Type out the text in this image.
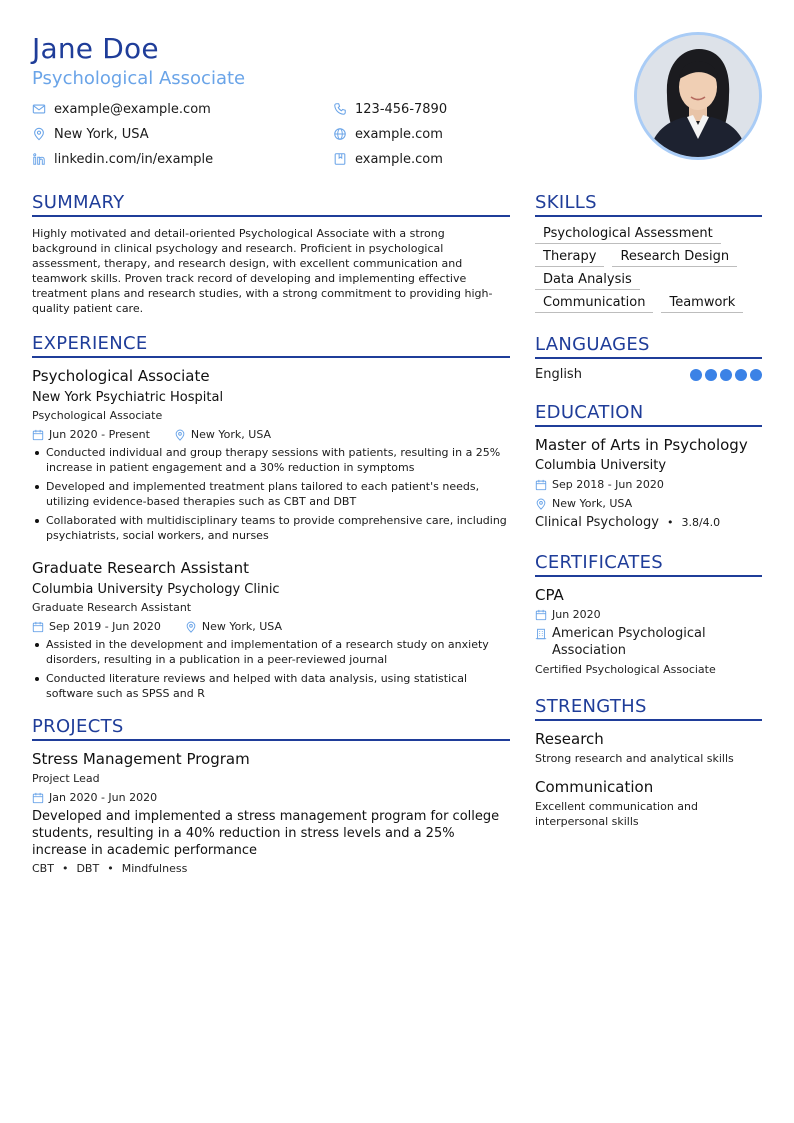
Jane Doe
Psychological Associate
example@example.com	123-456-7890
New York, USA	example.com
linkedin.com/in/example	example.com
SUMMARY
Highly motivated and detail-oriented Psychological Associate with a strong background in clinical psychology and research. Proficient in psychological assessment, therapy, and research design, with excellent communication and teamwork skills. Proven track record of developing and implementing effective treatment plans and research studies, with a strong commitment to providing high-quality patient care.
EXPERIENCE
Psychological Associate
New York Psychiatric Hospital
Psychological Associate
Jun 2020 - Present	New York, USA
Conducted individual and group therapy sessions with patients, resulting in a 25% increase in patient engagement and a 30% reduction in symptoms
Developed and implemented treatment plans tailored to each patient's needs, utilizing evidence-based therapies such as CBT and DBT
Collaborated with multidisciplinary teams to provide comprehensive care, including psychiatrists, social workers, and nurses
Graduate Research Assistant
Columbia University Psychology Clinic
Graduate Research Assistant
Sep 2019 - Jun 2020	New York, USA
Assisted in the development and implementation of a research study on anxiety disorders, resulting in a publication in a peer-reviewed journal
Conducted literature reviews and helped with data analysis, using statistical software such as SPSS and R
PROJECTS
Stress Management Program
Project Lead
Jan 2020 - Jun 2020
Developed and implemented a stress management program for college students, resulting in a 40% reduction in stress levels and a 25% increase in academic performance
CBT • DBT • Mindfulness
SKILLS
Psychological Assessment
Therapy	Research Design
Data Analysis
Communication	Teamwork
LANGUAGES
English
EDUCATION
Master of Arts in Psychology
Columbia University
Sep 2018 - Jun 2020
New York, USA
Clinical Psychology • 3.8/4.0
CERTIFICATES
CPA
Jun 2020
American Psychological Association
Certified Psychological Associate
STRENGTHS
Research
Strong research and analytical skills
Communication
Excellent communication and interpersonal skills
